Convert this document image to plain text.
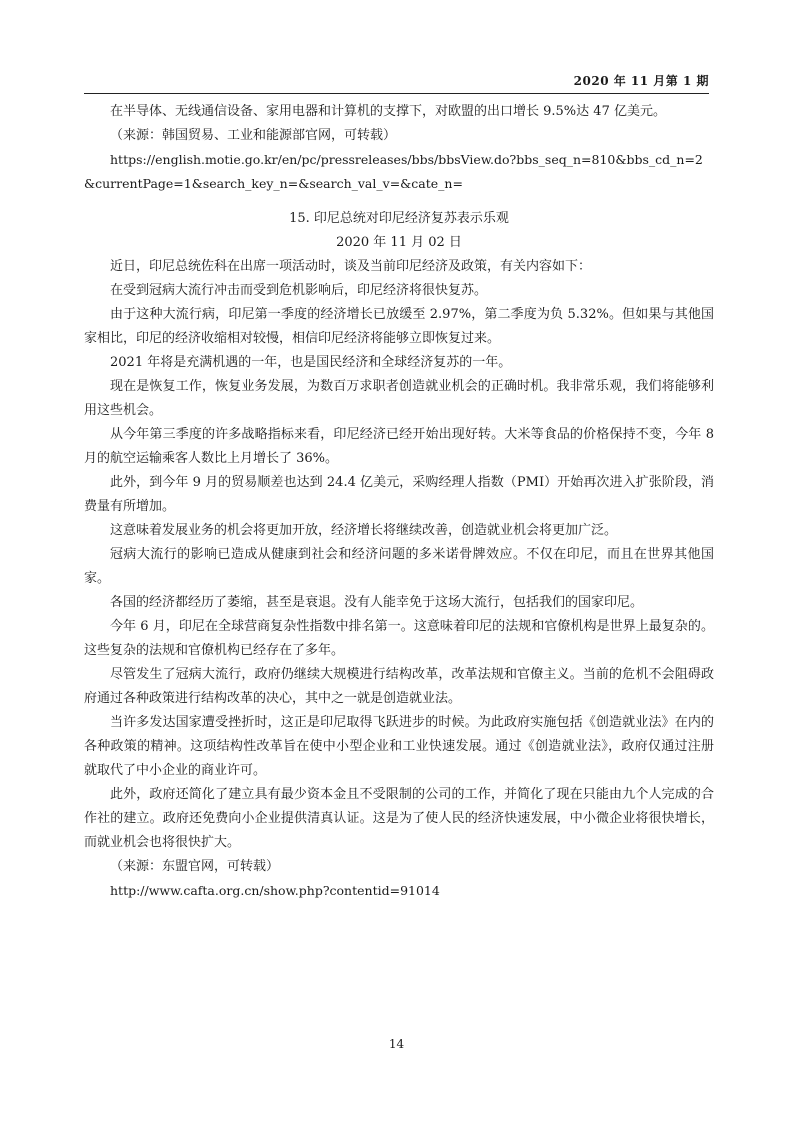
2020 年 11 月第 1 期

在半导体、无线通信设备、家用电器和计算机的支撑下，对欧盟的出口增长 9.5%达 47 亿美元。

（来源：韩国贸易、工业和能源部官网，可转载）

https://english.motie.go.kr/en/pc/pressreleases/bbs/bbsView.do?bbs_seq_n=810&bbs_cd_n=2

&currentPage=1&search_key_n=&search_val_v=&cate_n=

15. 印尼总统对印尼经济复苏表示乐观

2020 年 11 月 02 日

近日，印尼总统佐科在出席一项活动时，谈及当前印尼经济及政策，有关内容如下：

在受到冠病大流行冲击而受到危机影响后，印尼经济将很快复苏。

由于这种大流行病，印尼第一季度的经济增长已放缓至 2.97%，第二季度为负 5.32%。但如果与其他国家相比，印尼的经济收缩相对较慢，相信印尼经济将能够立即恢复过来。

2021 年将是充满机遇的一年，也是国民经济和全球经济复苏的一年。

现在是恢复工作，恢复业务发展，为数百万求职者创造就业机会的正确时机。我非常乐观，我们将能够利用这些机会。

从今年第三季度的许多战略指标来看，印尼经济已经开始出现好转。大米等食品的价格保持不变，今年 8 月的航空运输乘客人数比上月增长了 36%。

此外，到今年 9 月的贸易顺差也达到 24.4 亿美元，采购经理人指数（PMI）开始再次进入扩张阶段，消费量有所增加。

这意味着发展业务的机会将更加开放，经济增长将继续改善，创造就业机会将更加广泛。

冠病大流行的影响已造成从健康到社会和经济问题的多米诺骨牌效应。不仅在印尼，而且在世界其他国家。

各国的经济都经历了萎缩，甚至是衰退。没有人能幸免于这场大流行，包括我们的国家印尼。

今年 6 月，印尼在全球营商复杂性指数中排名第一。这意味着印尼的法规和官僚机构是世界上最复杂的。这些复杂的法规和官僚机构已经存在了多年。

尽管发生了冠病大流行，政府仍继续大规模进行结构改革，改革法规和官僚主义。当前的危机不会阻碍政府通过各种政策进行结构改革的决心，其中之一就是创造就业法。

当许多发达国家遭受挫折时，这正是印尼取得飞跃进步的时候。为此政府实施包括《创造就业法》在内的各种政策的精神。这项结构性改革旨在使中小型企业和工业快速发展。通过《创造就业法》，政府仅通过注册就取代了中小企业的商业许可。

此外，政府还简化了建立具有最少资本金且不受限制的公司的工作，并简化了现在只能由九个人完成的合作社的建立。政府还免费向小企业提供清真认证。这是为了使人民的经济快速发展，中小微企业将很快增长，而就业机会也将很快扩大。

（来源：东盟官网，可转载）

http://www.cafta.org.cn/show.php?contentid=91014

14
